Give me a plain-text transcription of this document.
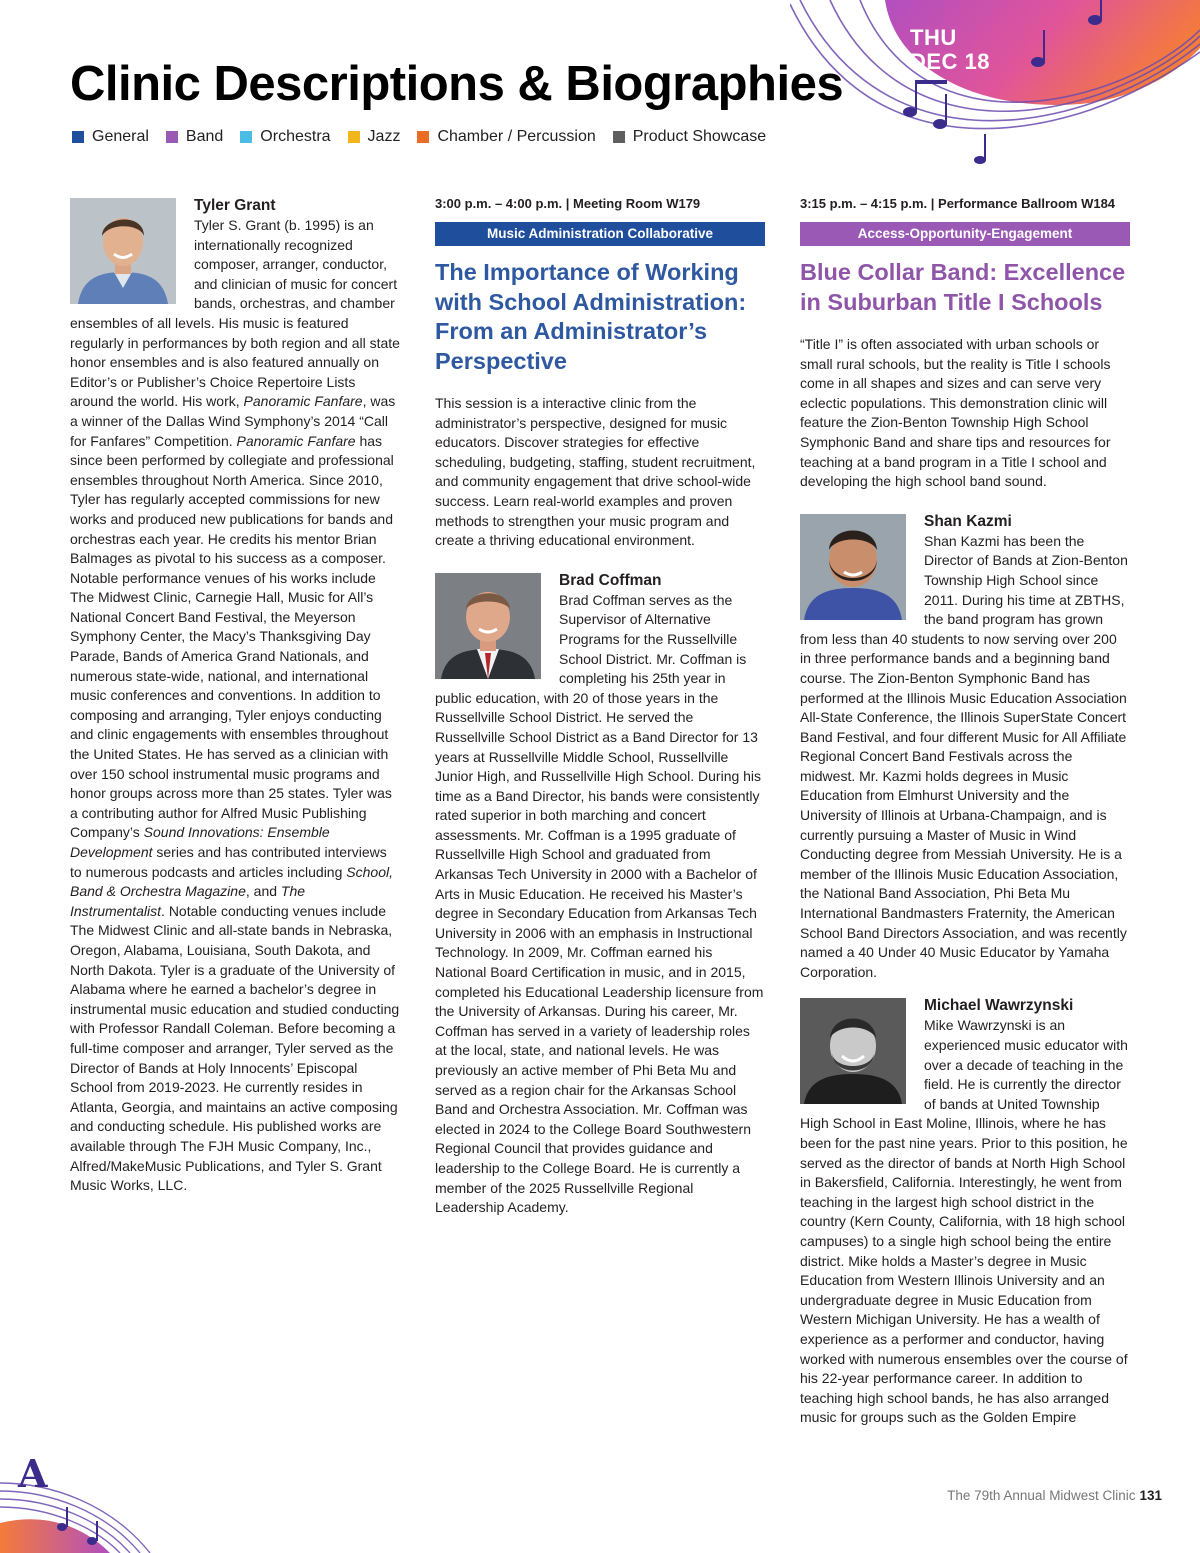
THU
DEC 18
Clinic Descriptions & Biographies
General Band Orchestra Jazz Chamber / Percussion Product Showcase

Tyler Grant

Tyler S. Grant (b. 1995) is an internationally recognized composer, arranger, conductor, and clinician of music for concert bands, orchestras, and chamber ensembles of all levels. His music is featured regularly in performances by both region and all state honor ensembles and is also featured annually on Editor’s or Publisher’s Choice Repertoire Lists around the world. His work, Panoramic Fanfare, was a winner of the Dallas Wind Symphony’s 2014 “Call for Fanfares” Competition. Panoramic Fanfare has since been performed by collegiate and professional ensembles throughout North America. Since 2010, Tyler has regularly accepted commissions for new works and produced new publications for bands and orchestras each year. He credits his mentor Brian Balmages as pivotal to his success as a composer. Notable performance venues of his works include The Midwest Clinic, Carnegie Hall, Music for All’s National Concert Band Festival, the Meyerson Symphony Center, the Macy’s Thanksgiving Day Parade, Bands of America Grand Nationals, and numerous state-wide, national, and international music conferences and conventions. In addition to composing and arranging, Tyler enjoys conducting and clinic engagements with ensembles throughout the United States. He has served as a clinician with over 150 school instrumental music programs and honor groups across more than 25 states. Tyler was a contributing author for Alfred Music Publishing Company’s Sound Innovations: Ensemble Development series and has contributed interviews to numerous podcasts and articles including School, Band & Orchestra Magazine, and The Instrumentalist. Notable conducting venues include The Midwest Clinic and all-state bands in Nebraska, Oregon, Alabama, Louisiana, South Dakota, and North Dakota. Tyler is a graduate of the University of Alabama where he earned a bachelor’s degree in instrumental music education and studied conducting with Professor Randall Coleman. Before becoming a full-time composer and arranger, Tyler served as the Director of Bands at Holy Innocents’ Episcopal School from 2019-2023. He currently resides in Atlanta, Georgia, and maintains an active composing and conducting schedule. His published works are available through The FJH Music Company, Inc., Alfred/MakeMusic Publications, and Tyler S. Grant Music Works, LLC.

3:00 p.m. – 4:00 p.m. | Meeting Room W179

Music Administration Collaborative
The Importance of Working with School Administration: From an Administrator’s Perspective

This session is a interactive clinic from the administrator’s perspective, designed for music educators. Discover strategies for effective scheduling, budgeting, staffing, student recruitment, and community engagement that drive school-wide success. Learn real-world examples and proven methods to strengthen your music program and create a thriving educational environment.

Brad Coffman

Brad Coffman serves as the Supervisor of Alternative Programs for the Russellville School District. Mr. Coffman is completing his 25th year in public education, with 20 of those years in the Russellville School District. He served the Russellville School District as a Band Director for 13 years at Russellville Middle School, Russellville Junior High, and Russellville High School. During his time as a Band Director, his bands were consistently rated superior in both marching and concert assessments. Mr. Coffman is a 1995 graduate of Russellville High School and graduated from Arkansas Tech University in 2000 with a Bachelor of Arts in Music Education. He received his Master’s degree in Secondary Education from Arkansas Tech University in 2006 with an emphasis in Instructional Technology. In 2009, Mr. Coffman earned his National Board Certification in music, and in 2015, completed his Educational Leadership licensure from the University of Arkansas. During his career, Mr. Coffman has served in a variety of leadership roles at the local, state, and national levels. He was previously an active member of Phi Beta Mu and served as a region chair for the Arkansas School Band and Orchestra Association. Mr. Coffman was elected in 2024 to the College Board Southwestern Regional Council that provides guidance and leadership to the College Board. He is currently a member of the 2025 Russellville Regional Leadership Academy.

3:15 p.m. – 4:15 p.m. | Performance Ballroom W184

Access-Opportunity-Engagement
Blue Collar Band: Excellence in Suburban Title I Schools

“Title I” is often associated with urban schools or small rural schools, but the reality is Title I schools come in all shapes and sizes and can serve very eclectic populations. This demonstration clinic will feature the Zion-Benton Township High School Symphonic Band and share tips and resources for teaching at a band program in a Title I school and developing the high school band sound.

Shan Kazmi

Shan Kazmi has been the Director of Bands at Zion-Benton Township High School since 2011. During his time at ZBTHS, the band program has grown from less than 40 students to now serving over 200 in three performance bands and a beginning band course. The Zion-Benton Symphonic Band has performed at the Illinois Music Education Association All-State Conference, the Illinois SuperState Concert Band Festival, and four different Music for All Affiliate Regional Concert Band Festivals across the midwest. Mr. Kazmi holds degrees in Music Education from Elmhurst University and the University of Illinois at Urbana-Champaign, and is currently pursuing a Master of Music in Wind Conducting degree from Messiah University. He is a member of the Illinois Music Education Association, the National Band Association, Phi Beta Mu International Bandmasters Fraternity, the American School Band Directors Association, and was recently named a 40 Under 40 Music Educator by Yamaha Corporation.

Michael Wawrzynski

Mike Wawrzynski is an experienced music educator with over a decade of teaching in the field. He is currently the director of bands at United Township High School in East Moline, Illinois, where he has been for the past nine years. Prior to this position, he served as the director of bands at North High School in Bakersfield, California. Interestingly, he went from teaching in the largest high school district in the country (Kern County, California, with 18 high school campuses) to a single high school being the entire district. Mike holds a Master’s degree in Music Education from Western Illinois University and an undergraduate degree in Music Education from Western Michigan University. He has a wealth of experience as a performer and conductor, having worked with numerous ensembles over the course of his 22-year performance career. In addition to teaching high school bands, he has also arranged music for groups such as the Golden Empire

A	The 79th Annual Midwest Clinic 131
